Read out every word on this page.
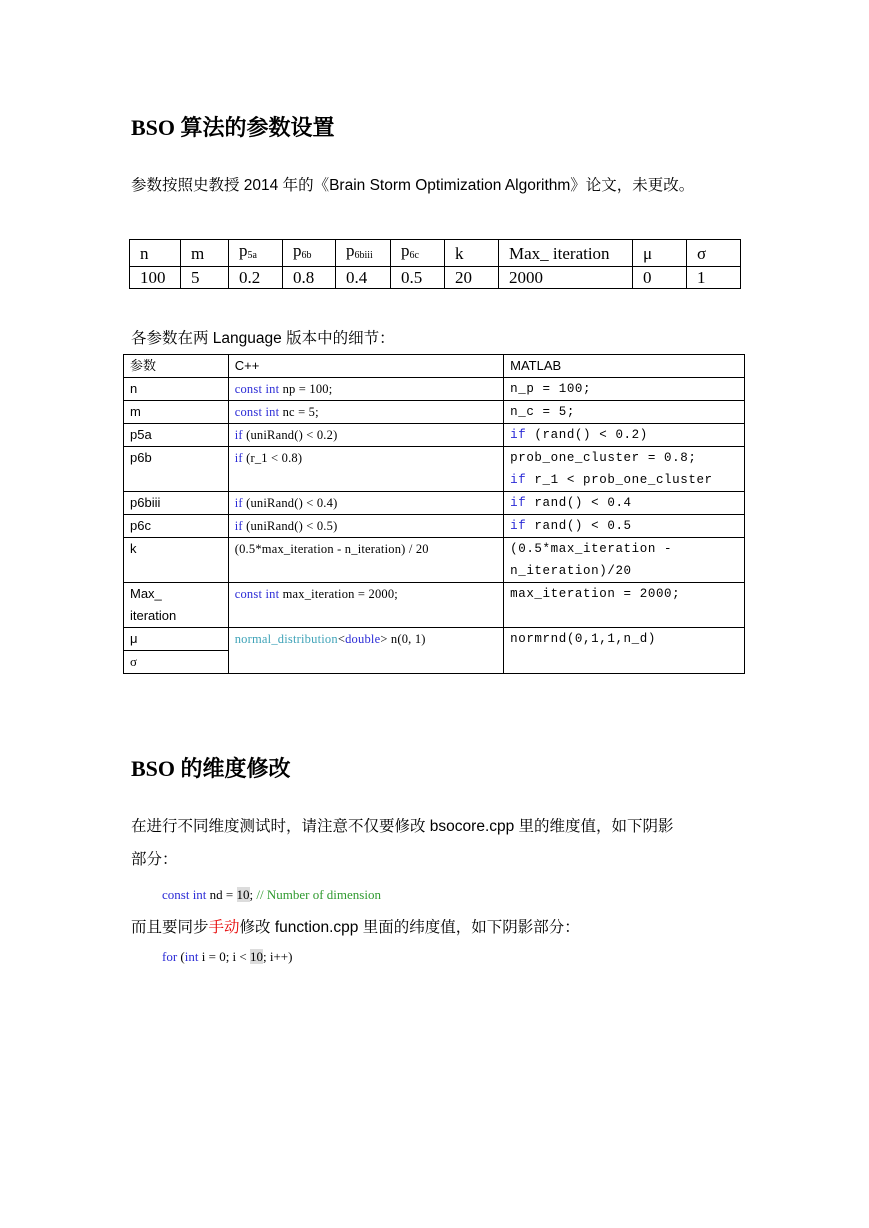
BSO 算法的参数设置
参数按照史教授 2014 年的《Brain Storm Optimization Algorithm》论文，未更改。
n	m	$p_{5a}$	$p_{6b}$	$p_{6biii}$	$p_{6c}$	k	Max_ iteration	μ	σ
100	5	0.2	0.8	0.4	0.5	20	2000	0	1
各参数在两 Language 版本中的细节：
参数	C++	MATLAB
n	const int np = 100;	n_p = 100;
m	const int nc = 5;	n_c = 5;
p5a	if (uniRand() < 0.2)	if (rand() < 0.2)
p6b	if (r_1 < 0.8)	prob_one_cluster = 0.8;
if r_1 < prob_one_cluster

p6biii	if (uniRand() < 0.4)	if rand() < 0.4
p6c	if (uniRand() < 0.5)	if rand() < 0.5
k	(0.5*max_iteration - n_iteration) / 20	(0.5*max_iteration -
n_iteration)/20

Max_
iteration	const int max_iteration = 2000;	max_iteration = 2000;
μ	normal_distribution<double> n(0, 1)	normrnd(0,1,1,n_d)
σ		
BSO 的维度修改
在进行不同维度测试时，请注意不仅要修改 bsocore.cpp 里的维度值，如下阴影
部分：
const int nd = 10; // Number of dimension
而且要同步手动修改 function.cpp 里面的纬度值，如下阴影部分：
for (int i = 0; i < 10; i++)
